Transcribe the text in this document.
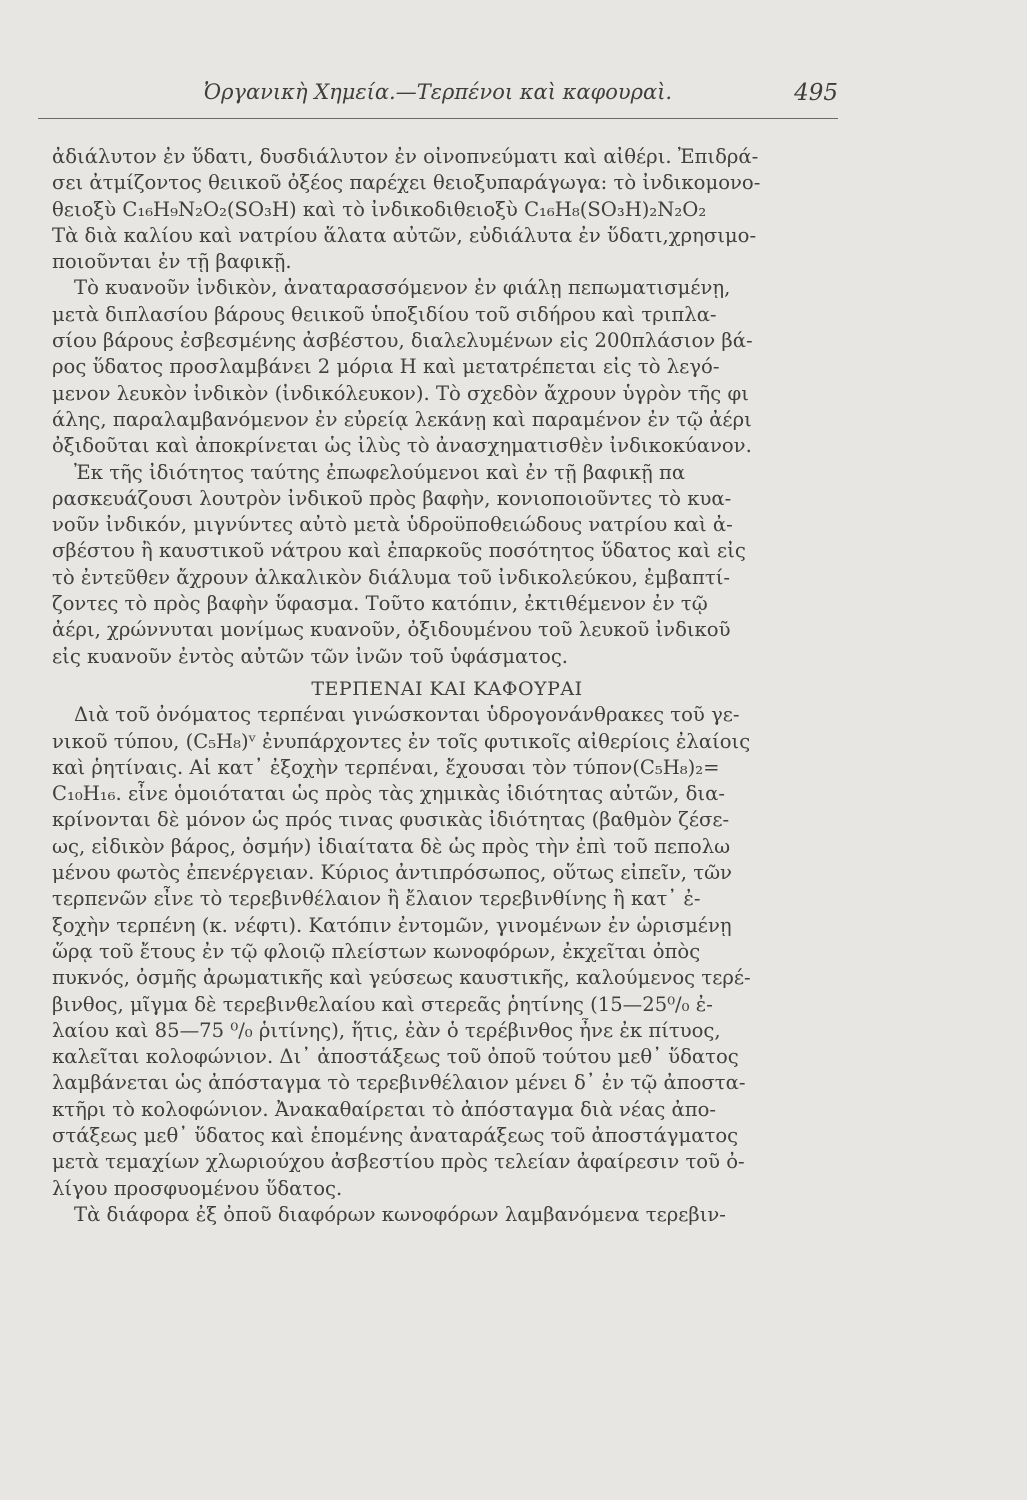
Ὀργανικὴ Χημεία.—Τερπένοι καὶ καφουραὶ.	495
ἀδιάλυτον ἐν ὕδατι, δυσδιάλυτον ἐν οἰνοπνεύματι καὶ αἰθέρι. Ἐπιδρά-
σει ἀτμίζοντος θειικοῦ ὀξέος παρέχει θειοξυπαράγωγα: τὸ ἰνδικομονο-
θειοξὺ C₁₆H₉N₂O₂(SO₃H) καὶ τὸ ἰνδικοδιθειοξὺ C₁₆H₈(SO₃H)₂N₂O₂
Τὰ διὰ καλίου καὶ νατρίου ἅλατα αὐτῶν, εὐδιάλυτα ἐν ὕδατι,χρησιμο-
ποιοῦνται ἐν τῇ βαφικῇ.
Τὸ κυανοῦν ἰνδικὸν, ἀναταρασσόμενον ἐν φιάλῃ πεπωματισμένῃ,
μετὰ διπλασίου βάρους θειικοῦ ὑποξιδίου τοῦ σιδήρου καὶ τριπλα-
σίου βάρους ἐσβεσμένης ἀσβέστου, διαλελυμένων εἰς 200πλάσιον βά-
ρος ὕδατος προσλαμβάνει 2 μόρια H καὶ μετατρέπεται εἰς τὸ λεγό-
μενον λευκὸν ἰνδικὸν (ἰνδικόλευκον). Τὸ σχεδὸν ἄχρουν ὑγρὸν τῆς φι
άλης, παραλαμβανόμενον ἐν εὐρείᾳ λεκάνῃ καὶ παραμένον ἐν τῷ ἀέρι
ὀξιδοῦται καὶ ἀποκρίνεται ὡς ἰλὺς τὸ ἀνασχηματισθὲν ἰνδικοκύανον.
Ἐκ τῆς ἰδιότητος ταύτης ἐπωφελούμενοι καὶ ἐν τῇ βαφικῇ πα
ρασκευάζουσι λουτρὸν ἰνδικοῦ πρὸς βαφὴν, κονιοποιοῦντες τὸ κυα-
νοῦν ἰνδικόν, μιγνύντες αὐτὸ μετὰ ὑδροϋποθειώδους νατρίου καὶ ἀ-
σβέστου ἢ καυστικοῦ νάτρου καὶ ἐπαρκοῦς ποσότητος ὕδατος καὶ εἰς
τὸ ἐντεῦθεν ἄχρουν ἀλκαλικὸν διάλυμα τοῦ ἰνδικολεύκου, ἐμβαπτί-
ζοντες τὸ πρὸς βαφὴν ὕφασμα. Τοῦτο κατόπιν, ἐκτιθέμενον ἐν τῷ
ἀέρι, χρώννυται μονίμως κυανοῦν, ὀξιδουμένου τοῦ λευκοῦ ἰνδικοῦ
εἰς κυανοῦν ἐντὸς αὐτῶν τῶν ἰνῶν τοῦ ὑφάσματος.
ΤΕΡΠΕΝΑΙ ΚΑΙ ΚΑΦΟΥΡΑΙ
Διὰ τοῦ ὀνόματος τερπέναι γινώσκονται ὑδρογονάνθρακες τοῦ γε-
νικοῦ τύπου, (C₅H₈)ᵛ ἐνυπάρχοντες ἐν τοῖς φυτικοῖς αἰθερίοις ἐλαίοις
καὶ ῥητίναις. Αἱ κατ᾿ ἐξοχὴν τερπέναι, ἔχουσαι τὸν τύπον(C₅H₈)₂=
C₁₀H₁₆. εἶνε ὁμοιόταται ὡς πρὸς τὰς χημικὰς ἰδιότητας αὐτῶν, δια-
κρίνονται δὲ μόνον ὡς πρός τινας φυσικὰς ἰδιότητας (βαθμὸν ζέσε-
ως, εἰδικὸν βάρος, ὀσμήν) ἰδιαίτατα δὲ ὡς πρὸς τὴν ἐπὶ τοῦ πεπολω
μένου φωτὸς ἐπενέργειαν. Κύριος ἀντιπρόσωπος, οὕτως εἰπεῖν, τῶν
τερπενῶν εἶνε τὸ τερεβινθέλαιον ἢ ἔλαιον τερεβινθίνης ἢ κατ᾿ ἐ-
ξοχὴν τερπένη (κ. νέφτι). Κατόπιν ἐντομῶν, γινομένων ἐν ὡρισμένῃ
ὥρᾳ τοῦ ἔτους ἐν τῷ φλοιῷ πλείστων κωνοφόρων, ἐκχεῖται ὀπὸς
πυκνός, ὀσμῆς ἀρωματικῆς καὶ γεύσεως καυστικῆς, καλούμενος τερέ-
βινθος, μῖγμα δὲ τερεβινθελαίου καὶ στερεᾶς ῥητίνης (15—25⁰/₀ ἐ-
λαίου καὶ 85—75 ⁰/₀ ῥιτίνης), ἥτις, ἐὰν ὁ τερέβινθος ἦνε ἐκ πίτυος,
καλεῖται κολοφώνιον. Δι᾿ ἀποστάξεως τοῦ ὀποῦ τούτου μεθ᾿ ὕδατος
λαμβάνεται ὡς ἀπόσταγμα τὸ τερεβινθέλαιον μένει δ᾿ ἐν τῷ ἀποστα-
κτῆρι τὸ κολοφώνιον. Ἀνακαθαίρεται τὸ ἀπόσταγμα διὰ νέας ἀπο-
στάξεως μεθ᾿ ὕδατος καὶ ἑπομένης ἀναταράξεως τοῦ ἀποστάγματος
μετὰ τεμαχίων χλωριούχου ἀσβεστίου πρὸς τελείαν ἀφαίρεσιν τοῦ ὀ-
λίγου προσφυομένου ὕδατος.
Τὰ διάφορα ἐξ ὀποῦ διαφόρων κωνοφόρων λαμβανόμενα τερεβιν-
